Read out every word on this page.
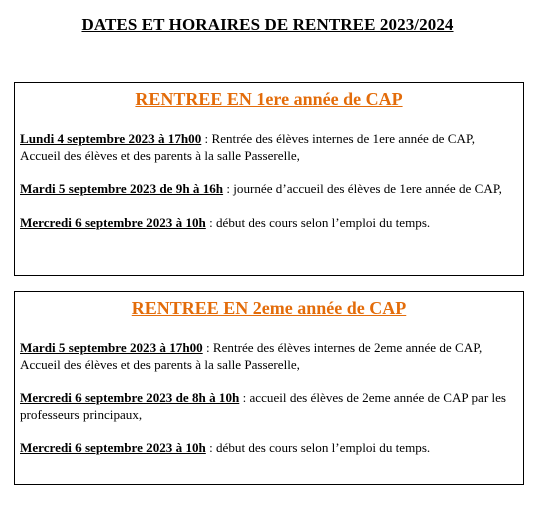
DATES ET HORAIRES DE RENTREE 2023/2024
RENTREE EN 1ere année de CAP

Lundi 4 septembre 2023 à 17h00 : Rentrée des élèves internes de 1ere année de CAP, Accueil des élèves et des parents à la salle Passerelle,

Mardi 5 septembre 2023 de 9h à 16h : journée d’accueil des élèves de 1ere année de CAP,

Mercredi 6 septembre 2023 à 10h : début des cours selon l’emploi du temps.

RENTREE EN 2eme année de CAP

Mardi 5 septembre 2023 à 17h00 : Rentrée des élèves internes de 2eme année de CAP, Accueil des élèves et des parents à la salle Passerelle,

Mercredi 6 septembre 2023 de 8h à 10h : accueil des élèves de 2eme année de CAP par les professeurs principaux,

Mercredi 6 septembre 2023 à 10h : début des cours selon l’emploi du temps.
